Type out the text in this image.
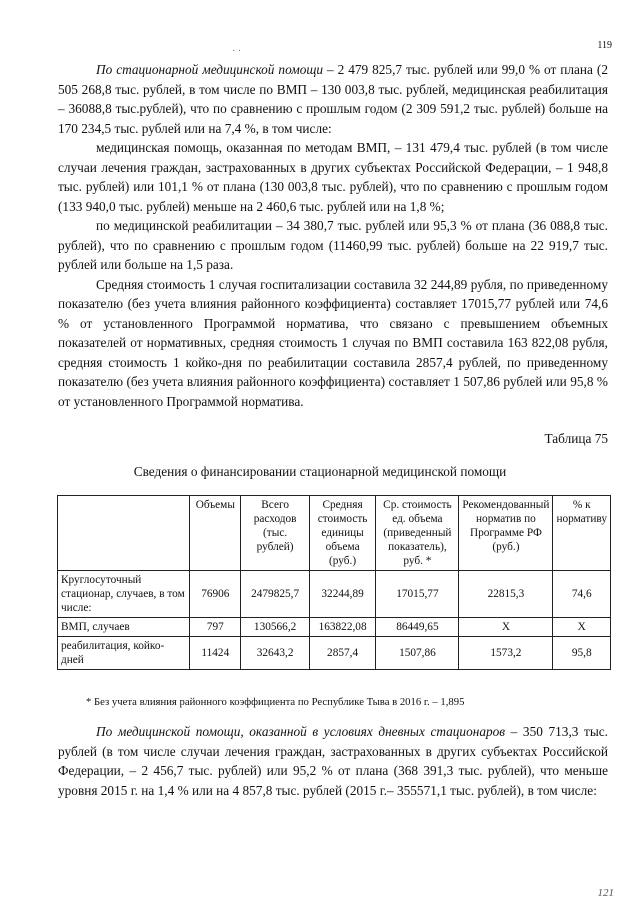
119
· ·

По стационарной медицинской помощи – 2 479 825,7 тыс. рублей или 99,0 % от плана (2 505 268,8 тыс. рублей, в том числе по ВМП – 130 003,8 тыс. рублей, медицинская реабилитация – 36088,8 тыс.рублей), что по сравнению с прошлым годом (2 309 591,2 тыс. рублей) больше на 170 234,5 тыс. рублей или на 7,4 %, в том числе:

медицинская помощь, оказанная по методам ВМП, – 131 479,4 тыс. рублей (в том числе случаи лечения граждан, застрахованных в других субъектах Российской Федерации, – 1 948,8 тыс. рублей) или 101,1 % от плана (130 003,8 тыс. рублей), что по сравнению с прошлым годом (133 940,0 тыс. рублей) меньше на 2 460,6 тыс. рублей или на 1,8 %;

по медицинской реабилитации – 34 380,7 тыс. рублей или 95,3 % от плана (36 088,8 тыс. рублей), что по сравнению с прошлым годом (11460,99 тыс. рублей) больше на 22 919,7 тыс. рублей или больше на 1,5 раза.

Средняя стоимость 1 случая госпитализации составила 32 244,89 рубля, по приведенному показателю (без учета влияния районного коэффициента) составляет 17015,77 рублей или 74,6 % от установленного Программой норматива, что связано с превышением объемных показателей от нормативных, средняя стоимость 1 случая по ВМП составила 163 822,08 рубля, средняя стоимость 1 койко-дня по реабилитации составила 2857,4 рублей, по приведенному показателю (без учета влияния районного коэффициента) составляет 1 507,86 рублей или 95,8 % от установленного Программой норматива.

Таблица 75
Сведения о финансировании стационарной медицинской помощи
	Объемы	Всего расходов (тыс. рублей)	Средняя стоимость единицы объема (руб.)	Ср. стоимость ед. объема (приведенный показатель), руб. *	Рекомендованный норматив по Программе РФ (руб.)	% к нормативу
Круглосуточный стационар, случаев, в том числе:	76906	2479825,7	32244,89	17015,77	22815,3	74,6
ВМП, случаев	797	130566,2	163822,08	86449,65	X	X
реабилитация, койко-дней	11424	32643,2	2857,4	1507,86	1573,2	95,8
* Без учета влияния районного коэффициента по Республике Тыва в 2016 г. – 1,895

По медицинской помощи, оказанной в условиях дневных стационаров – 350 713,3 тыс. рублей (в том числе случаи лечения граждан, застрахованных в других субъектах Российской Федерации, – 2 456,7 тыс. рублей) или 95,2 % от плана (368 391,3 тыс. рублей), что меньше уровня 2015 г. на 1,4 % или на 4 857,8 тыс. рублей (2015 г.– 355571,1 тыс. рублей), в том числе:

121
